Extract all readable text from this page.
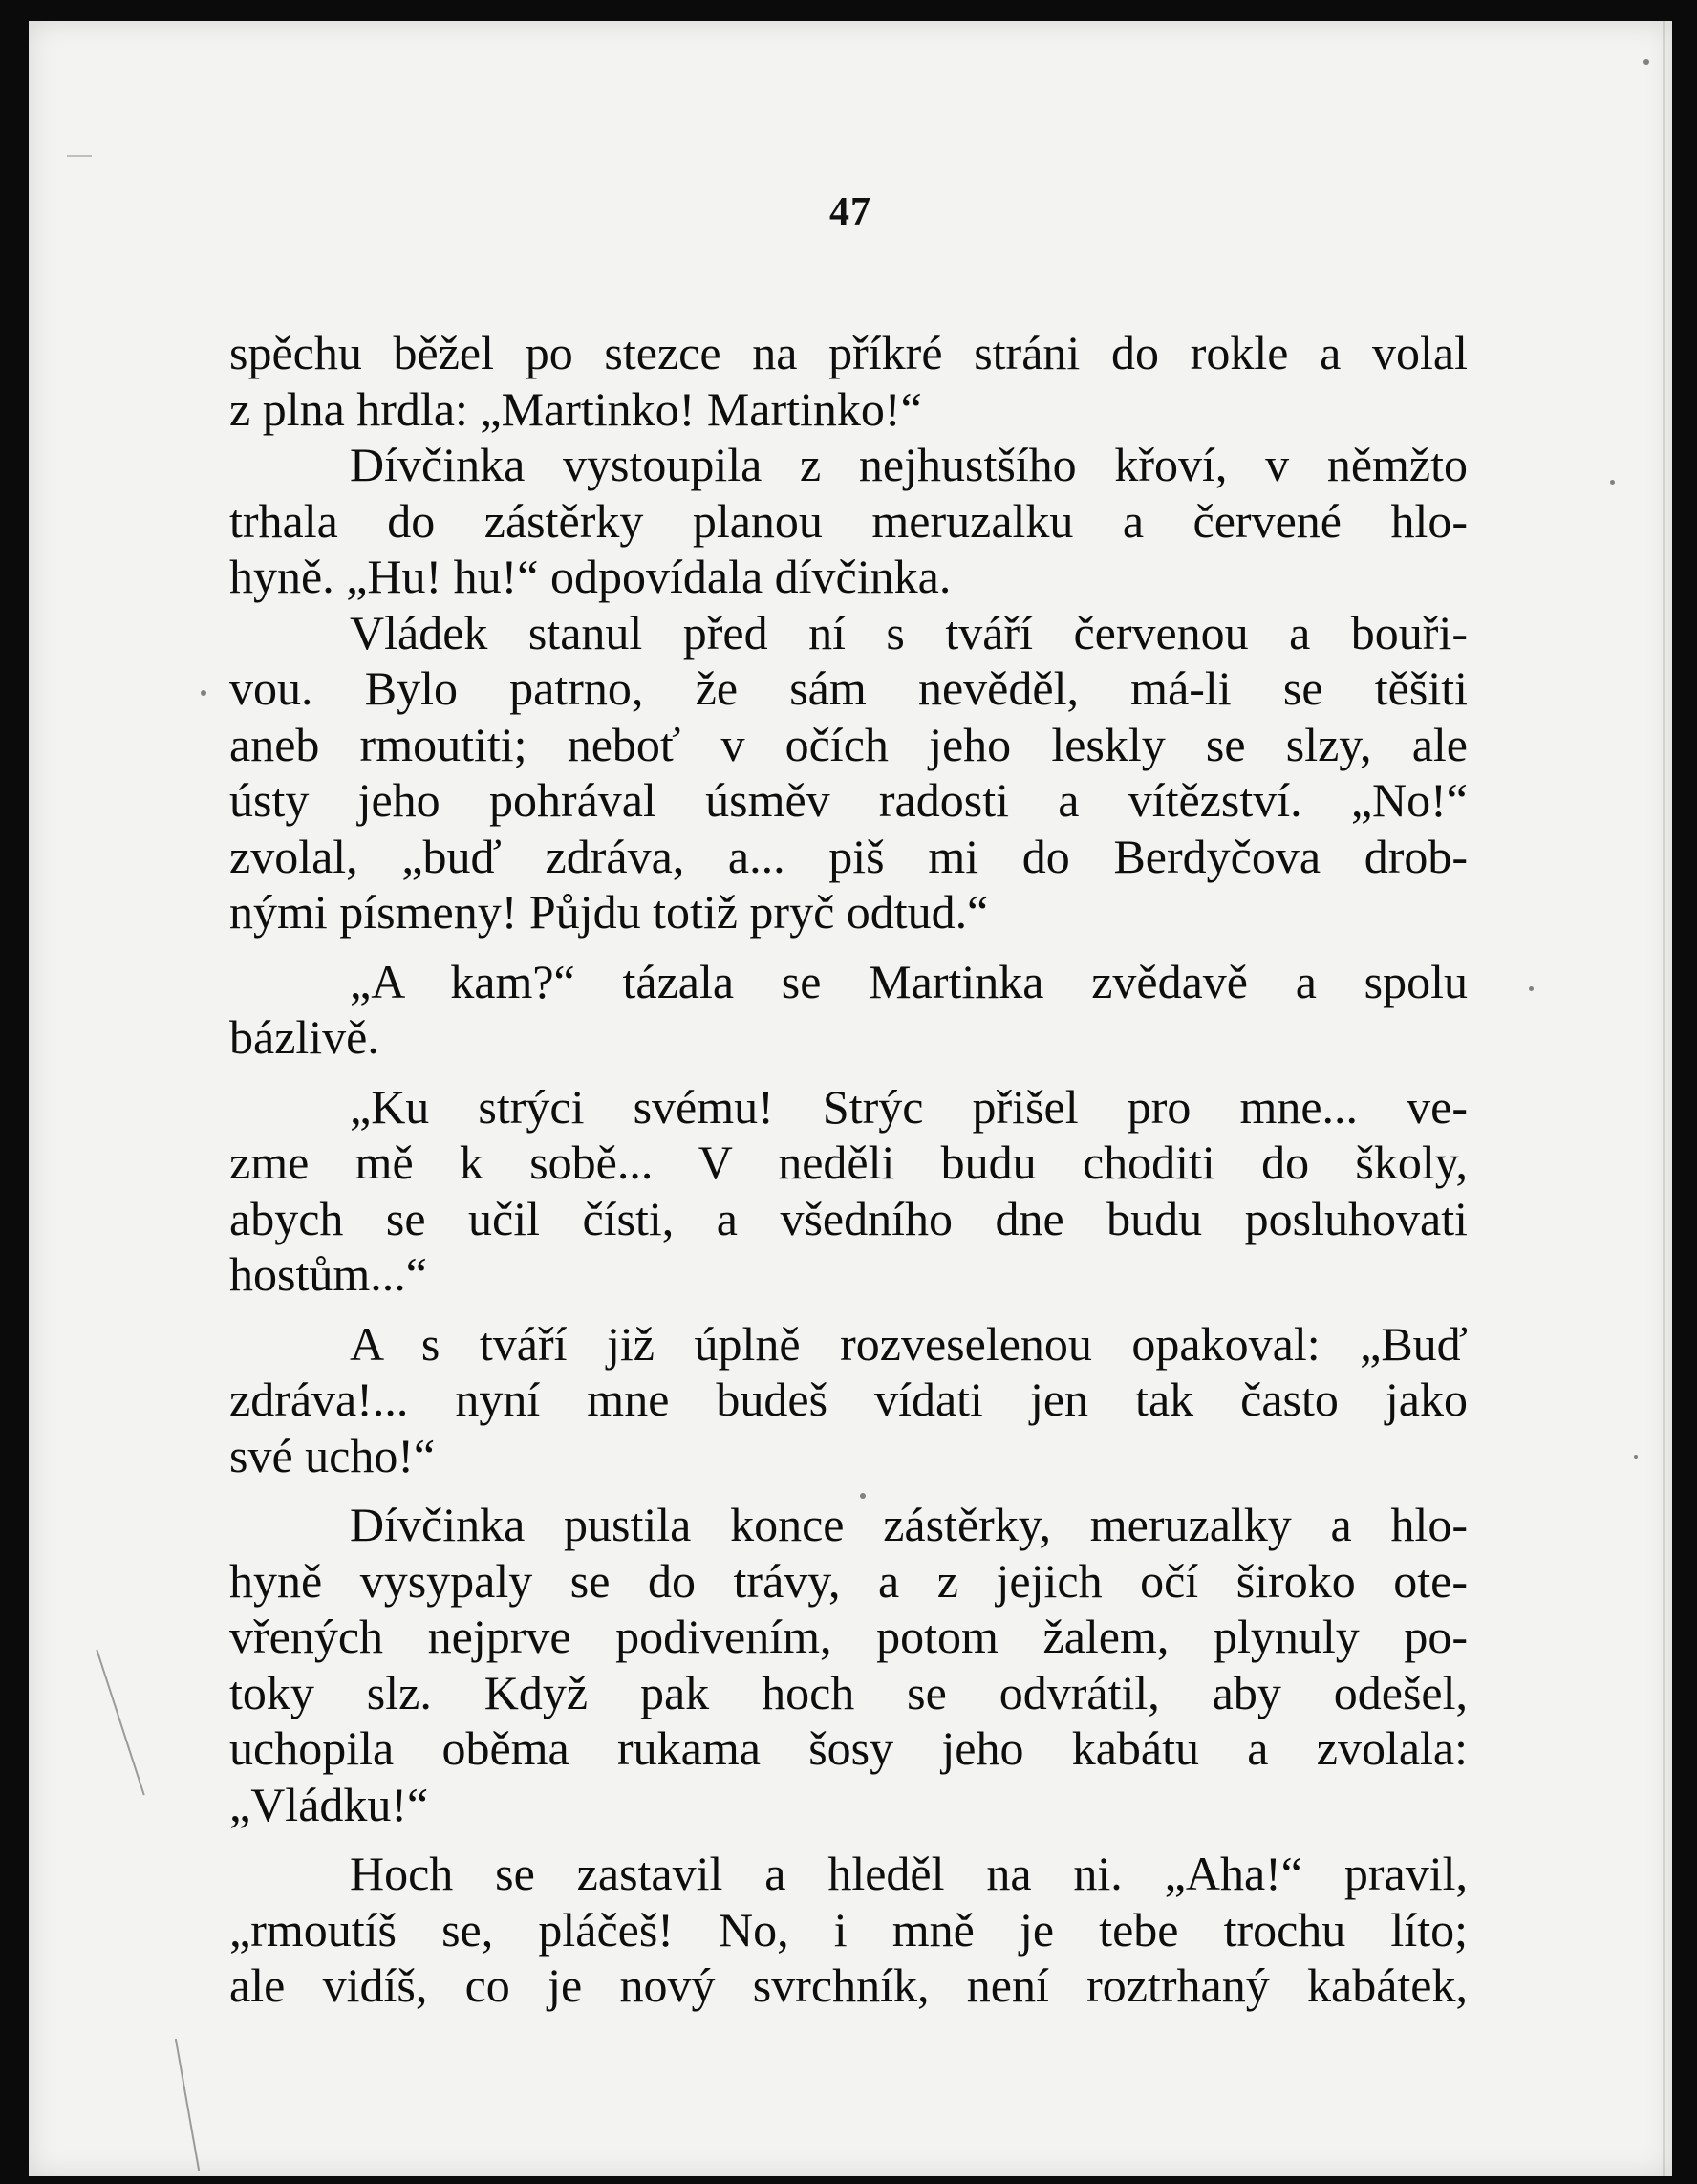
47
spěchu běžel po stezce na příkré stráni do rokle a volal
z plna hrdla: „Martinko! Martinko!“
Dívčinka vystoupila z nejhustšího křoví, v němžto
trhala do zástěrky planou meruzalku a červené hlo-
hyně. „Hu! hu!“ odpovídala dívčinka.
Vládek stanul před ní s tváří červenou a bouři-
vou. Bylo patrno, že sám nevěděl, má-li se těšiti
aneb rmoutiti; neboť v očích jeho leskly se slzy, ale
ústy jeho pohrával úsměv radosti a vítězství. „No!“
zvolal, „buď zdráva, a... piš mi do Berdyčova drob-
nými písmeny! Půjdu totiž pryč odtud.“
„A kam?“ tázala se Martinka zvědavě a spolu
bázlivě.
„Ku strýci svému! Strýc přišel pro mne... ve-
zme mě k sobě... V neděli budu choditi do školy,
abych se učil čísti, a všedního dne budu posluhovati
hostům...“
A s tváří již úplně rozveselenou opakoval: „Buď
zdráva!... nyní mne budeš vídati jen tak často jako
své ucho!“
Dívčinka pustila konce zástěrky, meruzalky a hlo-
hyně vysypaly se do trávy, a z jejich očí široko ote-
vřených nejprve podivením, potom žalem, plynuly po-
toky slz. Když pak hoch se odvrátil, aby odešel,
uchopila oběma rukama šosy jeho kabátu a zvolala:
„Vládku!“
Hoch se zastavil a hleděl na ni. „Aha!“ pravil,
„rmoutíš se, pláčeš! No, i mně je tebe trochu líto;
ale vidíš, co je nový svrchník, není roztrhaný kabátek,
